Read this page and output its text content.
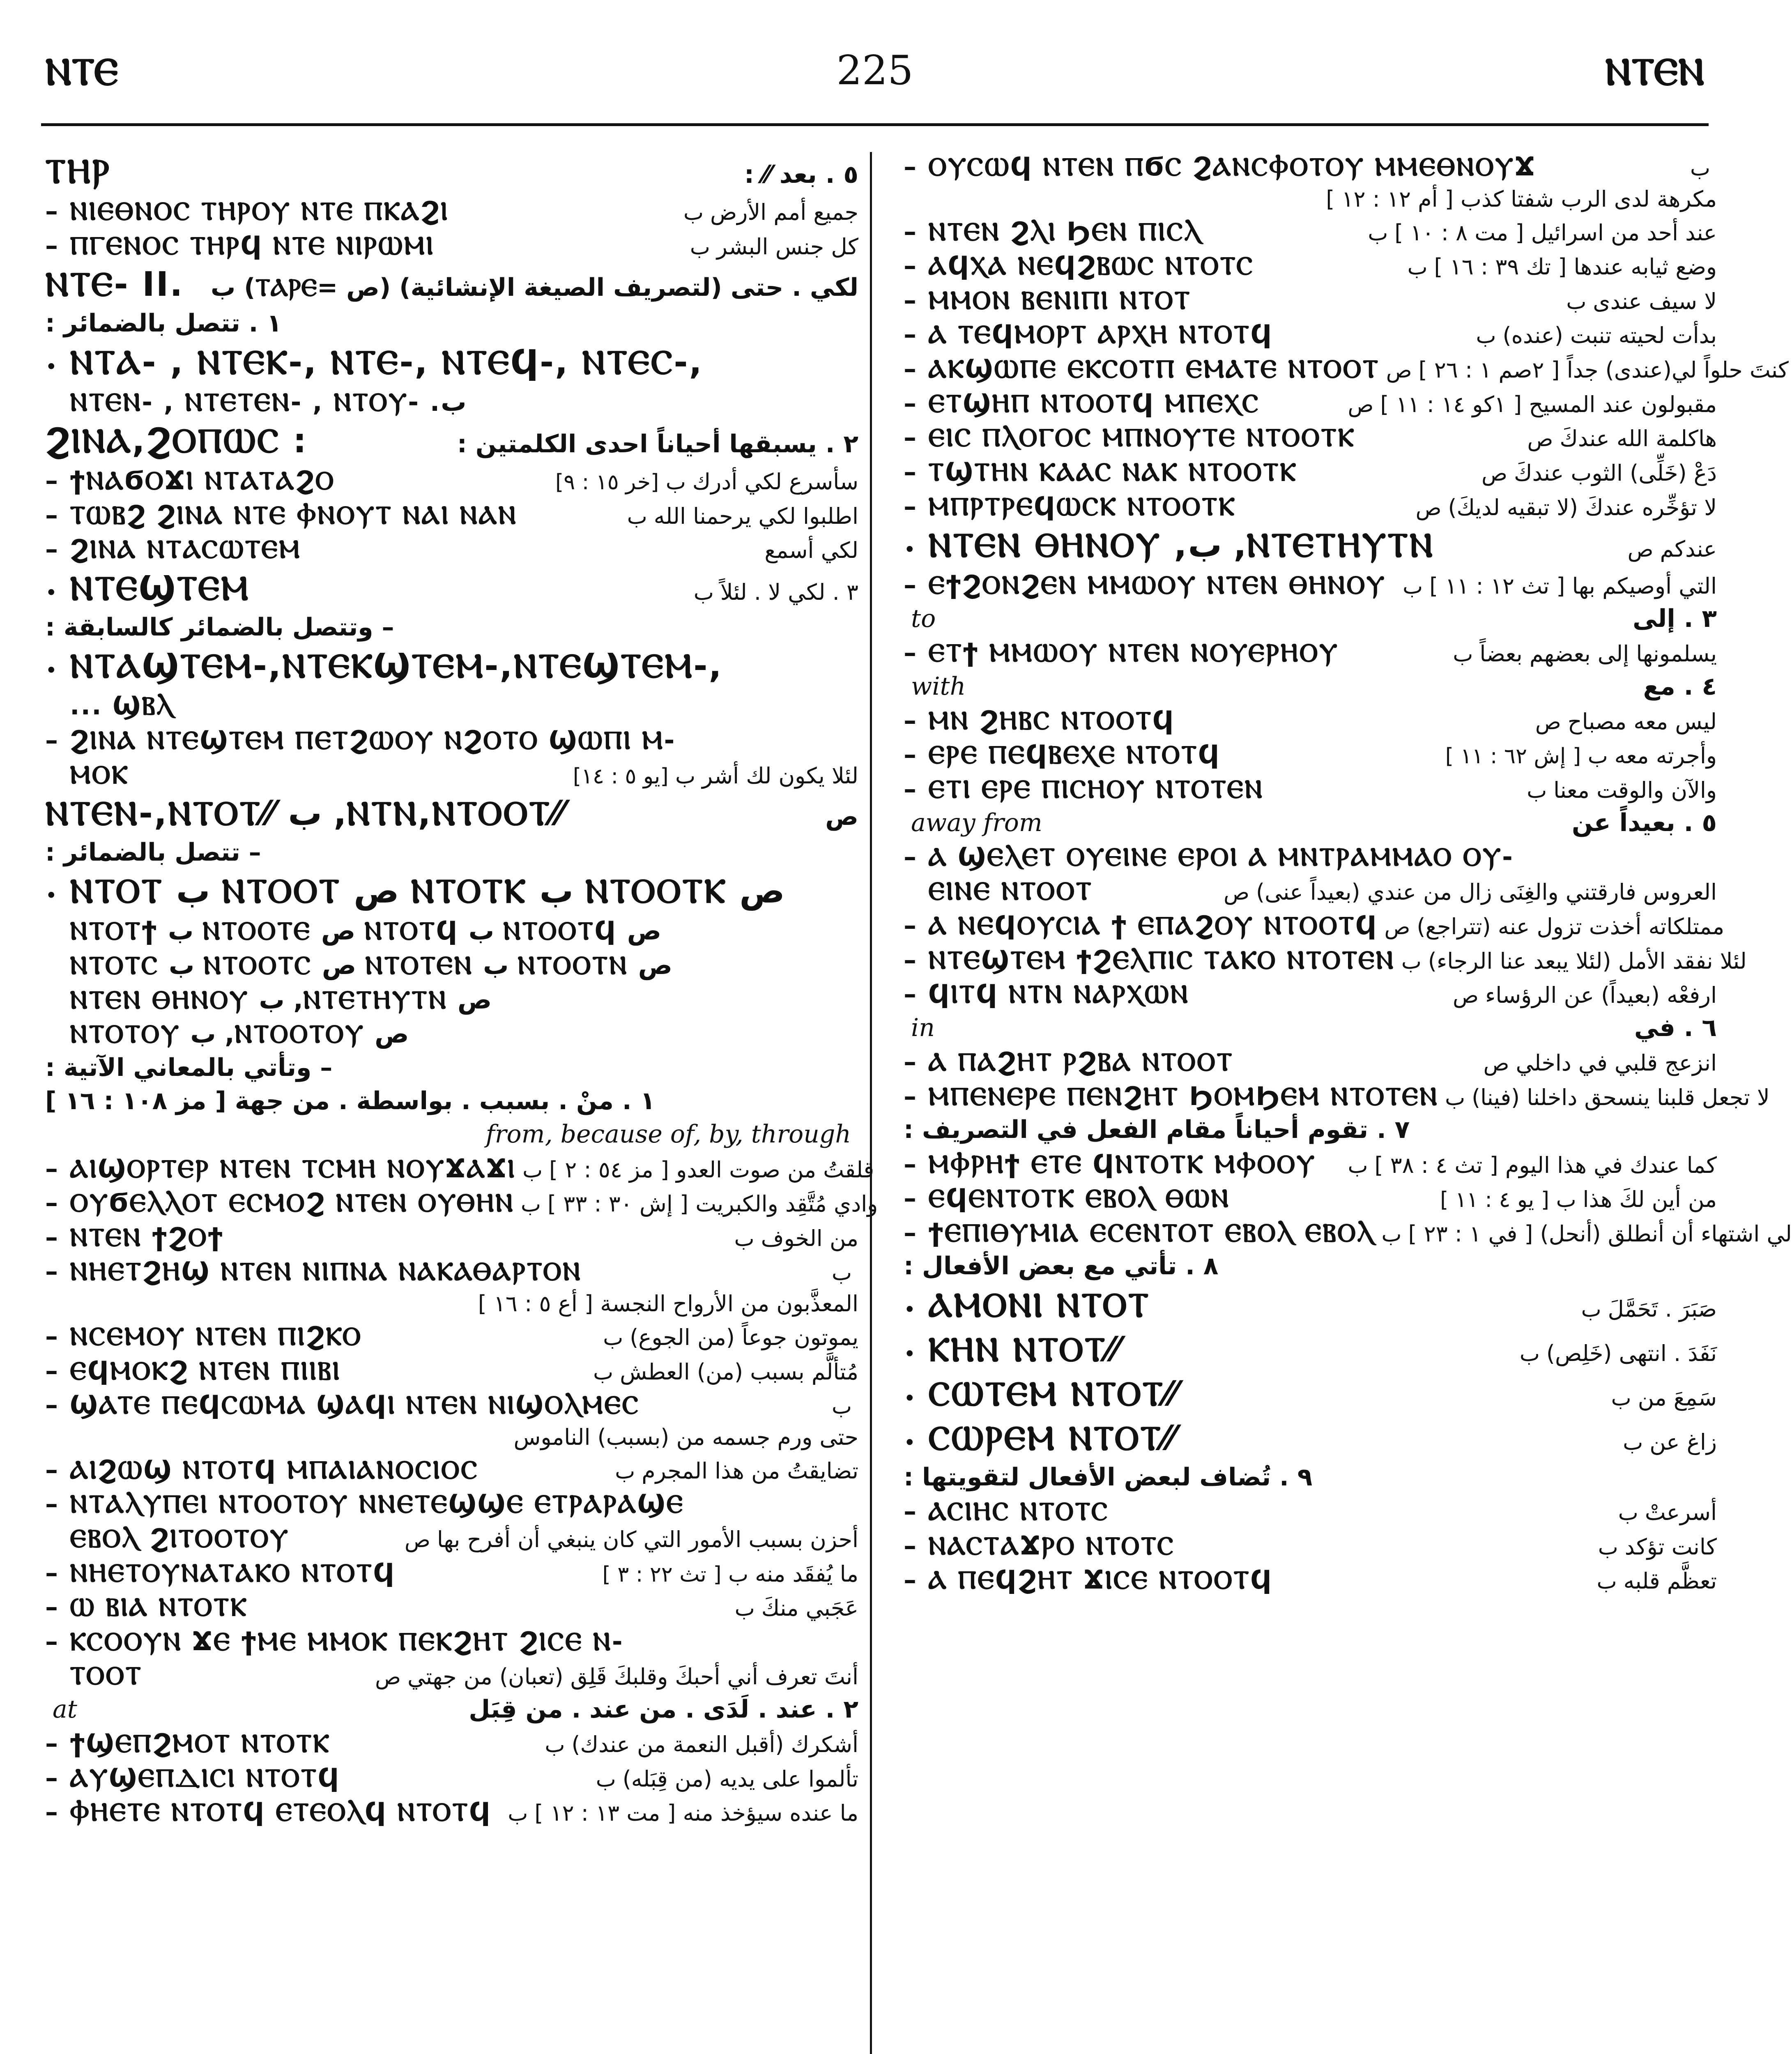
ⲚⲦⲈ	225	ⲚⲦⲈⲚ
ⲦⲎⲢ	٥ . بعد ⁄⁄ :
– ⲚⲒⲈⲐⲚⲞⲤ ⲦⲎⲢⲞⲨ ⲚⲦⲈ ⲠⲔⲀϨⲒ	ب جميع أمم الأرض
– ⲠⲄⲈⲚⲞⲤ ⲦⲎⲢϤ ⲚⲦⲈ ⲚⲒⲢⲰⲘⲒ	ب كل جنس البشر
ⲚⲦⲈ- II.	لكي . حتى (لتصريف الصيغة الإنشائية) (ص =ⲦⲀⲢⲈ) ب
١ . تتصل بالضمائر :
• ⲚⲦⲀ- , ⲚⲦⲈⲔ-, ⲚⲦⲈ-, ⲚⲦⲈϤ-, ⲚⲦⲈⲤ-,
ⲚⲦⲈⲚ- , ⲚⲦⲈⲦⲈⲚ- , ⲚⲦⲞⲨ- .ب
ϨⲒⲚⲀ,ϨⲞⲠⲰⲤ :	٢ . يسبقها أحياناً احدى الكلمتين :
– ϯⲚⲀϬⲞϪⲒ ⲚⲦⲀⲦⲀϨⲞ	ب [خر ١٥ : ٩] سأسرع لكي أدرك
– ⲦⲰⲂϨ ϨⲒⲚⲀ ⲚⲦⲈ ⲪⲚⲞⲨⲦ ⲚⲀⲒ ⲚⲀⲚ	ب اطلبوا لكي يرحمنا الله
– ϨⲒⲚⲀ ⲚⲦⲀⲤⲰⲦⲈⲘ	لكي أسمع
• ⲚⲦⲈϢⲦⲈⲘ	ب ٣ . لكي لا . لئلاً
– وتتصل بالضمائر كالسابقة :
• ⲚⲦⲀϢⲦⲈⲘ-,ⲚⲦⲈⲔϢⲦⲈⲘ-,ⲚⲦⲈϢⲦⲈⲘ-,
... ϢⲂⲖ
– ϨⲒⲚⲀ ⲚⲦⲈϢⲦⲈⲘ ⲠⲈⲦϨⲰⲞⲨ ⲚϨⲞⲦⲞ ϢⲰⲠⲒ Ⲙ-
ⲘⲞⲔ	ب [يو ٥ : ١٤] لئلا يكون لك أشر
ⲚⲦⲈⲚ-,ⲚⲦⲞⲦ⁄⁄ ب ,ⲚⲦⲚ,ⲚⲦⲞⲞⲦ⁄⁄	ص
– تتصل بالضمائر :
• ⲚⲦⲞⲦ ب ⲚⲦⲞⲞⲦ ص ⲚⲦⲞⲦⲔ ب ⲚⲦⲞⲞⲦⲔ ص
ⲚⲦⲞⲦϯ ب ⲚⲦⲞⲞⲦⲈ ص ⲚⲦⲞⲦϤ ب ⲚⲦⲞⲞⲦϤ ص
ⲚⲦⲞⲦⲤ ب ⲚⲦⲞⲞⲦⲤ ص ⲚⲦⲞⲦⲈⲚ ب ⲚⲦⲞⲞⲦⲚ ص
ⲚⲦⲈⲚ ⲐⲎⲚⲞⲨ ب ,ⲚⲦⲈⲦⲎⲨⲦⲚ ص
ⲚⲦⲞⲦⲞⲨ ب ,ⲚⲦⲞⲞⲦⲞⲨ ص
– وتأتي بالمعاني الآتية :
١ . منْ . بسبب . بواسطة . من جهة [ مز ١٠٨ : ١٦ ]
from, because of, by, through
– ⲀⲒϢⲞⲢⲦⲈⲢ ⲚⲦⲈⲚ ⲦⲤⲘⲎ ⲚⲞⲨϪⲀϪⲒ ب قلقتُ من صوت العدو [ مز ٥٤ : ٢ ]
– ⲞⲨϬⲈⲖⲖⲞⲦ ⲈⲤⲘⲞϨ ⲚⲦⲈⲚ ⲞⲨⲐⲎⲚ ب وادي مُتَّقِد والكبريت [ إش ٣٠ : ٣٣ ]
– ⲚⲦⲈⲚ ϯϨⲞϯ	ب من الخوف
– ⲚⲎⲈⲦϨⲎϢ ⲚⲦⲈⲚ ⲚⲒⲠⲚⲀ ⲚⲀⲔⲀⲐⲀⲢⲦⲞⲚ	ب
المعذَّبون من الأرواح النجسة [ أع ٥ : ١٦ ]
– ⲚⲤⲈⲘⲞⲨ ⲚⲦⲈⲚ ⲠⲒϨⲔⲞ	ب يموتون جوعاً (من الجوع)
– ⲈϤⲘⲞⲔϨ ⲚⲦⲈⲚ ⲠⲒⲒⲂⲒ	ب مُتألَّم بسبب (من) العطش
– ϢⲀⲦⲈ ⲠⲈϤⲤⲰⲘⲀ ϢⲀϤⲒ ⲚⲦⲈⲚ ⲚⲒϢⲞⲖⲘⲈⲤ	ب
حتى ورم جسمه من (بسبب) الناموس
– ⲀⲒϨⲰϢ ⲚⲦⲞⲦϤ ⲘⲠⲀⲒⲀⲚⲞⲤⲒⲞⲤ	ب تضايقتُ من هذا المجرم
– ⲚⲦⲀⲖⲨⲠⲈⲒ ⲚⲦⲞⲞⲦⲞⲨ ⲚⲚⲈⲦⲈϢϢⲈ ⲈⲦⲢⲀⲢⲀϢⲈ
ⲈⲂⲞⲖ ϨⲒⲦⲞⲞⲦⲞⲨ	ص أحزن بسبب الأمور التي كان ينبغي أن أفرح بها
– ⲚⲎⲈⲦⲞⲨⲚⲀⲦⲀⲔⲞ ⲚⲦⲞⲦϤ	ب [ تث ٢٢ : ٣ ] ما يُفقَد منه
– Ⲱ ⲂⲒⲀ ⲚⲦⲞⲦⲔ	ب عَجَبي منكَ
– ⲔⲤⲞⲞⲨⲚ ϪⲈ ϯⲘⲈ ⲘⲘⲞⲔ ⲠⲈⲔϨⲎⲦ ϨⲒⲤⲈ Ⲛ-
ⲦⲞⲞⲦ	ص أنتَ تعرف أني أحبكَ وقلبكَ قَلِق (تعبان) من جهتي
at	٢ . عند . لَدَى . من عند . من قِبَل
– ϯϢⲈⲠϨⲘⲞⲦ ⲚⲦⲞⲦⲔ	ب أشكرك (أقبل النعمة من عندك)
– ⲀⲨϢⲈⲠⲆⲒⲤⲒ ⲚⲦⲞⲦϤ	ب تألموا على يديه (من قِبَله)
– ⲪⲎⲈⲦⲈ ⲚⲦⲞⲦϤ ⲈⲦⲈⲞⲖϤ ⲚⲦⲞⲦϤ ب ما عنده سيؤخذ منه [ مت ١٣ : ١٢ ]
– ⲞⲨⲤⲰϤ ⲚⲦⲈⲚ ⲠϬⲤ ϨⲀⲚⲤⲪⲞⲦⲞⲨ ⲘⲘⲈⲐⲚⲞⲨϪ	ب
مكرهة لدى الرب شفتا كذب [ أم ١٢ : ١٢ ]
– ⲚⲦⲈⲚ ϨⲖⲒ ϦⲈⲚ ⲠⲒⲤⲖ	ب عند أحد من اسرائيل [ مت ٨ : ١٠ ]
– ⲀϤⲬⲀ ⲚⲈϤϨⲂⲰⲤ ⲚⲦⲞⲦⲤ	ب وضع ثيابه عندها [ تك ٣٩ : ١٦ ]
– ⲘⲘⲞⲚ ⲂⲈⲚⲒⲠⲒ ⲚⲦⲞⲦ	ب لا سيف عندى
– Ⲁ ⲦⲈϤⲘⲞⲢⲦ ⲀⲢⲬⲎ ⲚⲦⲞⲦϤ	ب بدأت لحيته تنبت (عنده)
– ⲀⲔϢⲰⲠⲈ ⲈⲔⲤⲞⲦⲠ ⲈⲘⲀⲦⲈ ⲚⲦⲞⲞⲦ ص كنتَ حلواً لي(عندى) جداً [ ٢صم ١ : ٢٦ ]
– ⲈⲦϢⲎⲠ ⲚⲦⲞⲞⲦϤ ⲘⲠⲈⲬⲤ	ص مقبولون عند المسيح [ ١كو ١٤ : ١١ ]
– ⲈⲒⲤ ⲠⲖⲞⲄⲞⲤ ⲘⲠⲚⲞⲨⲦⲈ ⲚⲦⲞⲞⲦⲔ	ص هاكلمة الله عندكَ
– ⲦϢⲦⲎⲚ ⲔⲀⲀⲤ ⲚⲀⲔ ⲚⲦⲞⲞⲦⲔ	ص دَعْ (خَلِّى) الثوب عندكَ
– ⲘⲠⲢⲦⲢⲈϤⲰⲤⲔ ⲚⲦⲞⲞⲦⲔ	ص لا تؤخِّره عندكَ (لا تبقيه لديكَ)
• ⲚⲦⲈⲚ ⲐⲎⲚⲞⲨ ,ب ,ⲚⲦⲈⲦⲎⲨⲦⲚ	ص عندكم
– ⲈϯϨⲞⲚϨⲈⲚ ⲘⲘⲰⲞⲨ ⲚⲦⲈⲚ ⲐⲎⲚⲞⲨ ب التي أوصيكم بها [ تث ١٢ : ١١ ]
to	٣ . إلى
– ⲈⲦϯ ⲘⲘⲰⲞⲨ ⲚⲦⲈⲚ ⲚⲞⲨⲈⲢⲎⲞⲨ	ب يسلمونها إلى بعضهم بعضاً
with	٤ . مع
– ⲘⲚ ϨⲎⲂⲤ ⲚⲦⲞⲞⲦϤ	ص ليس معه مصباح
– ⲈⲢⲈ ⲠⲈϤⲂⲈⲬⲈ ⲚⲦⲞⲦϤ	ب [ إش ٦٢ : ١١ ] وأجرته معه
– ⲈⲦⲒ ⲈⲢⲈ ⲠⲒⲤⲎⲞⲨ ⲚⲦⲞⲦⲈⲚ	ب والآن والوقت معنا
away from	٥ . بعيداً عن
– Ⲁ ϢⲈⲖⲈⲦ ⲞⲨⲈⲒⲚⲈ ⲈⲢⲞⲒ Ⲁ ⲘⲚⲦⲢⲀⲘⲘⲀⲞ ⲞⲨ-
ⲈⲒⲚⲈ ⲚⲦⲞⲞⲦ	ص العروس فارقتني والغِنَى زال من عندي (بعيداً عنى)
– Ⲁ ⲚⲈϤⲞⲨⲤⲒⲀ ϯ ⲈⲠⲀϨⲞⲨ ⲚⲦⲞⲞⲦϤ ص ممتلكاته أخذت تزول عنه (تتراجع)
– ⲚⲦⲈϢⲦⲈⲘ ϯϨⲈⲖⲠⲒⲤ ⲦⲀⲔⲞ ⲚⲦⲞⲦⲈⲚ ب لئلا نفقد الأمل (لئلا يبعد عنا الرجاء)
– ϤⲒⲦϤ ⲚⲦⲚ ⲚⲀⲢⲬⲰⲚ	ص ارفعْه (بعيداً) عن الرؤساء
in	٦ . في
– Ⲁ ⲠⲀϨⲎⲦ ⲢϨⲂⲀ ⲚⲦⲞⲞⲦ	ص انزعج قلبي في داخلي
– ⲘⲠⲈⲚⲈⲢⲈ ⲠⲈⲚϨⲎⲦ ϦⲞⲘϦⲈⲘ ⲚⲦⲞⲦⲈⲚ ب لا تجعل قلبنا ينسحق داخلنا (فينا)
٧ . تقوم أحياناً مقام الفعل في التصريف :
– ⲘⲪⲢⲎϯ ⲈⲦⲈ ϤⲚⲦⲞⲦⲔ ⲘⲪⲞⲞⲨ	ب كما عندك في هذا اليوم [ تث ٤ : ٣٨ ]
– ⲈϤⲈⲚⲦⲞⲦⲔ ⲈⲂⲞⲖ ⲐⲰⲚ	ب [ يو ٤ : ١١ ] من أين لكَ هذا
– ϯⲈⲠⲒⲐⲨⲘⲒⲀ ⲈⲤⲈⲚⲦⲞⲦ ⲈⲂⲞⲖ ⲈⲂⲞⲖ ب لي اشتهاء أن أنطلق (أنحل) [ في ١ : ٢٣ ]
٨ . تأتي مع بعض الأفعال :
• ⲀⲘⲞⲚⲒ ⲚⲦⲞⲦ	ب صَبَرَ . تَحَمَّلَ
• ⲔⲎⲚ ⲚⲦⲞⲦ⁄⁄	ب نَفَدَ . انتهى (خَلِص)
• ⲤⲰⲦⲈⲘ ⲚⲦⲞⲦ⁄⁄	ب سَمِعَ من
• ⲤⲰⲢⲈⲘ ⲚⲦⲞⲦ⁄⁄	ب زاغ عن
٩ . تُضاف لبعض الأفعال لتقويتها :
– ⲀⲤⲒⲎⲤ ⲚⲦⲞⲦⲤ	ب أسرعتْ
– ⲚⲀⲤⲦⲀϪⲢⲞ ⲚⲦⲞⲦⲤ	ب كانت تؤكد
– Ⲁ ⲠⲈϤϨⲎⲦ ϪⲒⲤⲈ ⲚⲦⲞⲞⲦϤ	ب تعظَّم قلبه
